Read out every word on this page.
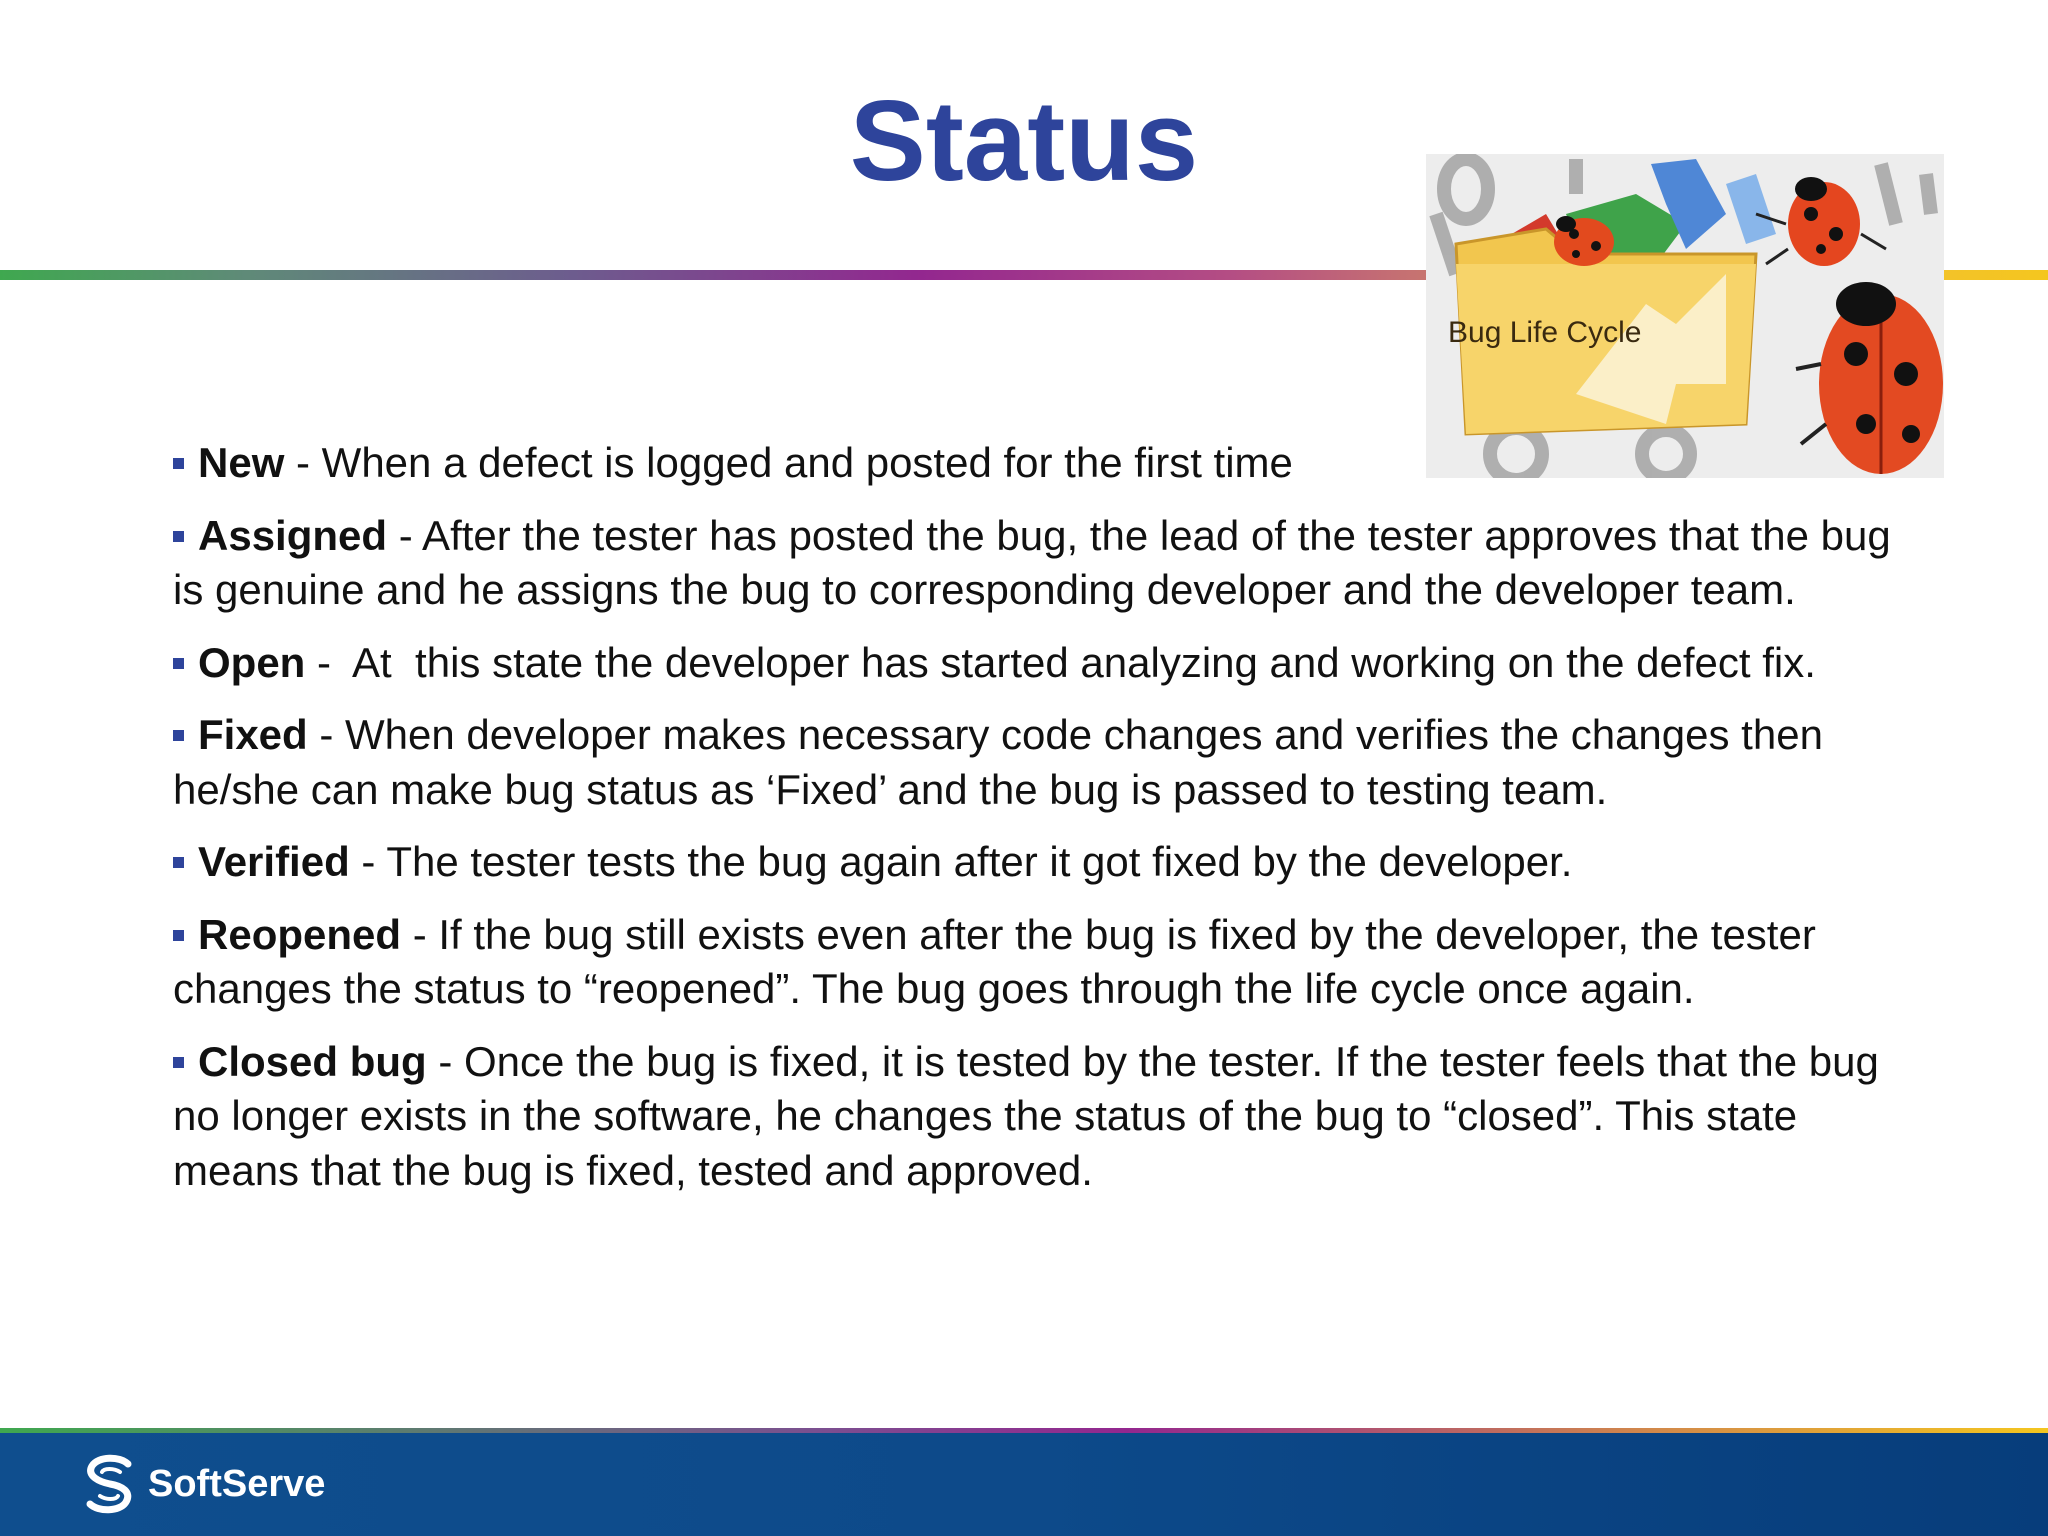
Status
Bug Life Cycle
New - When a defect is logged and posted for the first time
Assigned - After the tester has posted the bug, the lead of the tester approves that the bug is genuine and he assigns the bug to corresponding developer and the developer team.
Open -  At  this state the developer has started analyzing and working on the defect fix.
Fixed - When developer makes necessary code changes and verifies the changes then he/she can make bug status as ‘Fixed’ and the bug is passed to testing team.
Verified - The tester tests the bug again after it got fixed by the developer.
Reopened - If the bug still exists even after the bug is fixed by the developer, the tester changes the status to “reopened”. The bug goes through the life cycle once again.
Closed bug - Once the bug is fixed, it is tested by the tester. If the tester feels that the bug no longer exists in the software, he changes the status of the bug to “closed”. This state means that the bug is fixed, tested and approved.
SoftServe
